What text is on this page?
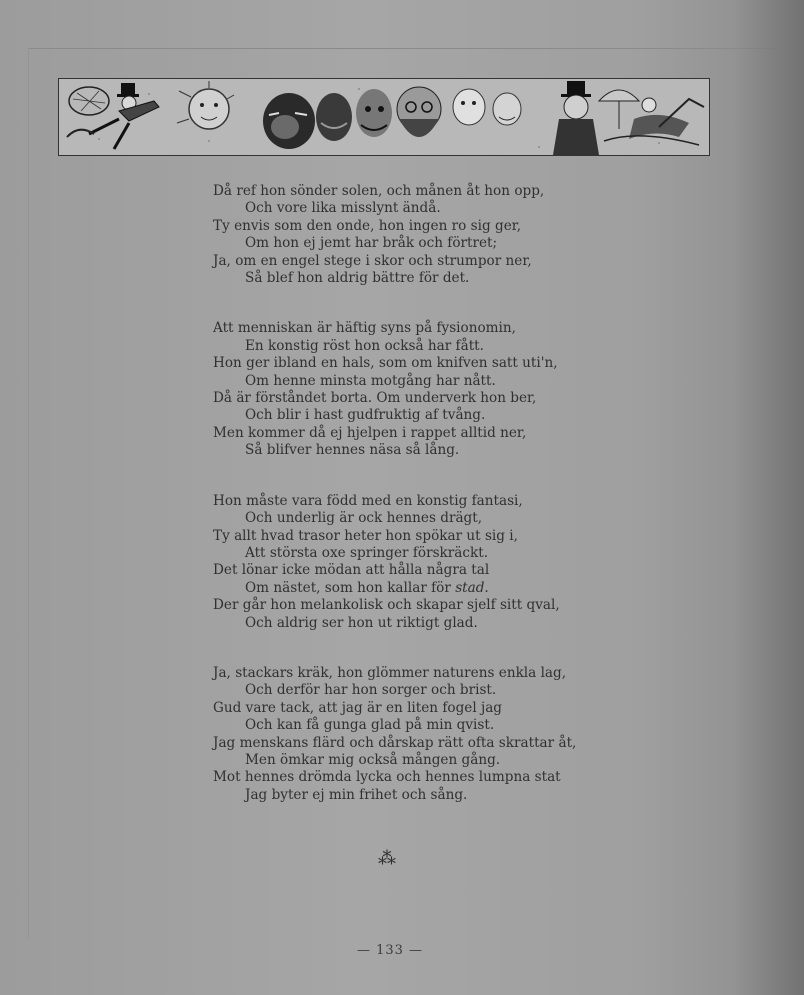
Då ref hon sönder solen, och månen åt hon opp,
Och vore lika misslynt ändå.
Ty envis som den onde, hon ingen ro sig ger,
Om hon ej jemt har bråk och förtret;
Ja, om en engel stege i skor och strumpor ner,
Så blef hon aldrig bättre för det.
Att menniskan är häftig syns på fysionomin,
En konstig röst hon också har fått.
Hon ger ibland en hals, som om knifven satt uti'n,
Om henne minsta motgång har nått.
Då är förståndet borta. Om underverk hon ber,
Och blir i hast gudfruktig af tvång.
Men kommer då ej hjelpen i rappet alltid ner,
Så blifver hennes näsa så lång.
Hon måste vara född med en konstig fantasi,
Och underlig är ock hennes drägt,
Ty allt hvad trasor heter hon spökar ut sig i,
Att största oxe springer förskräckt.
Det lönar icke mödan att hålla några tal
Om nästet, som hon kallar för stad.
Der går hon melankolisk och skapar sjelf sitt qval,
Och aldrig ser hon ut riktigt glad.
Ja, stackars kräk, hon glömmer naturens enkla lag,
Och derför har hon sorger och brist.
Gud vare tack, att jag är en liten fogel jag
Och kan få gunga glad på min qvist.
Jag menskans flärd och dårskap rätt ofta skrattar åt,
Men ömkar mig också mången gång.
Mot hennes drömda lycka och hennes lumpna stat
Jag byter ej min frihet och sång.
⁂
— 133 —
